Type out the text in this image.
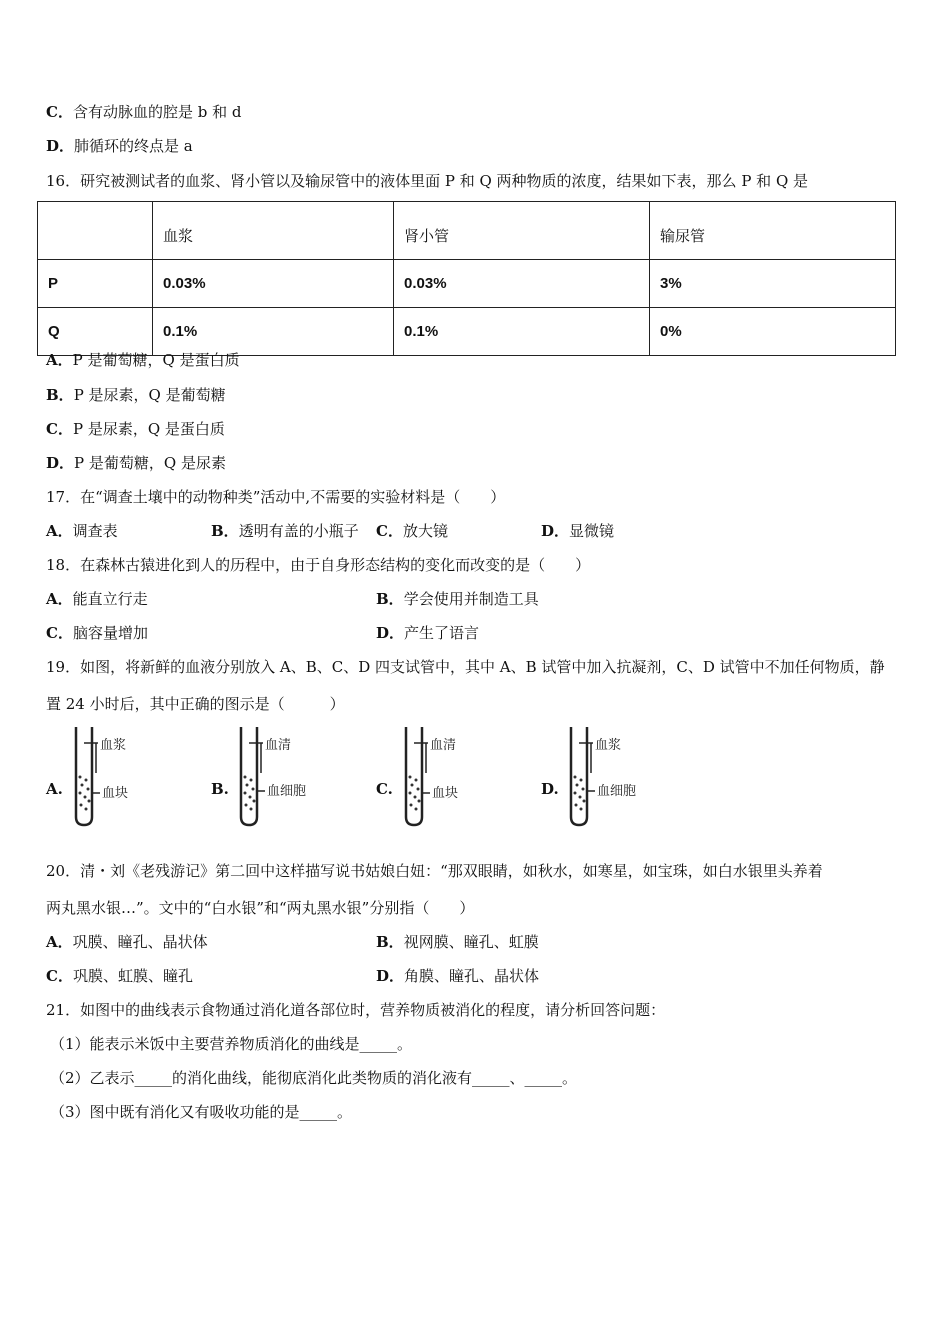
C．含有动脉血的腔是 b 和 d
D．肺循环的终点是 a
16．研究被测试者的血浆、肾小管以及输尿管中的液体里面 P 和 Q 两种物质的浓度，结果如下表，那么 P 和 Q 是
	血浆	肾小管	输尿管
P	0.03%	0.03%	3%
Q	0.1%	0.1%	0%
A．P 是葡萄糖，Q 是蛋白质
B．P 是尿素，Q 是葡萄糖
C．P 是尿素，Q 是蛋白质
D．P 是葡萄糖，Q 是尿素
17．在“调查土壤中的动物种类”活动中,不需要的实验材料是（　　）
A．调查表	B．透明有盖的小瓶子 C．放大镜	D．显微镜
18．在森林古猿进化到人的历程中，由于自身形态结构的变化而改变的是（　　）
A．能直立行走	B．学会使用并制造工具
C．脑容量增加	D．产生了语言
19．如图，将新鲜的血液分别放入 A、B、C、D 四支试管中，其中 A、B 试管中加入抗凝剂，C、D 试管中不加任何物质，静
置 24 小时后，其中正确的图示是（　　　）
A.
血浆
血块	B.
血清
血细胞	C.
血清
血块	D.
血浆
血细胞
20．清・刘《老残游记》第二回中这样描写说书姑娘白妞：“那双眼睛，如秋水，如寒星，如宝珠，如白水银里头养着
两丸黑水银…”。文中的“白水银”和“两丸黑水银”分别指（　　）
A．巩膜、瞳孔、晶状体	B．视网膜、瞳孔、虹膜
C．巩膜、虹膜、瞳孔	D．角膜、瞳孔、晶状体
21．如图中的曲线表示食物通过消化道各部位时，营养物质被消化的程度，请分析回答问题：
（1）能表示米饭中主要营养物质消化的曲线是_____。
（2）乙表示_____的消化曲线，能彻底消化此类物质的消化液有_____、_____。
（3）图中既有消化又有吸收功能的是_____。
